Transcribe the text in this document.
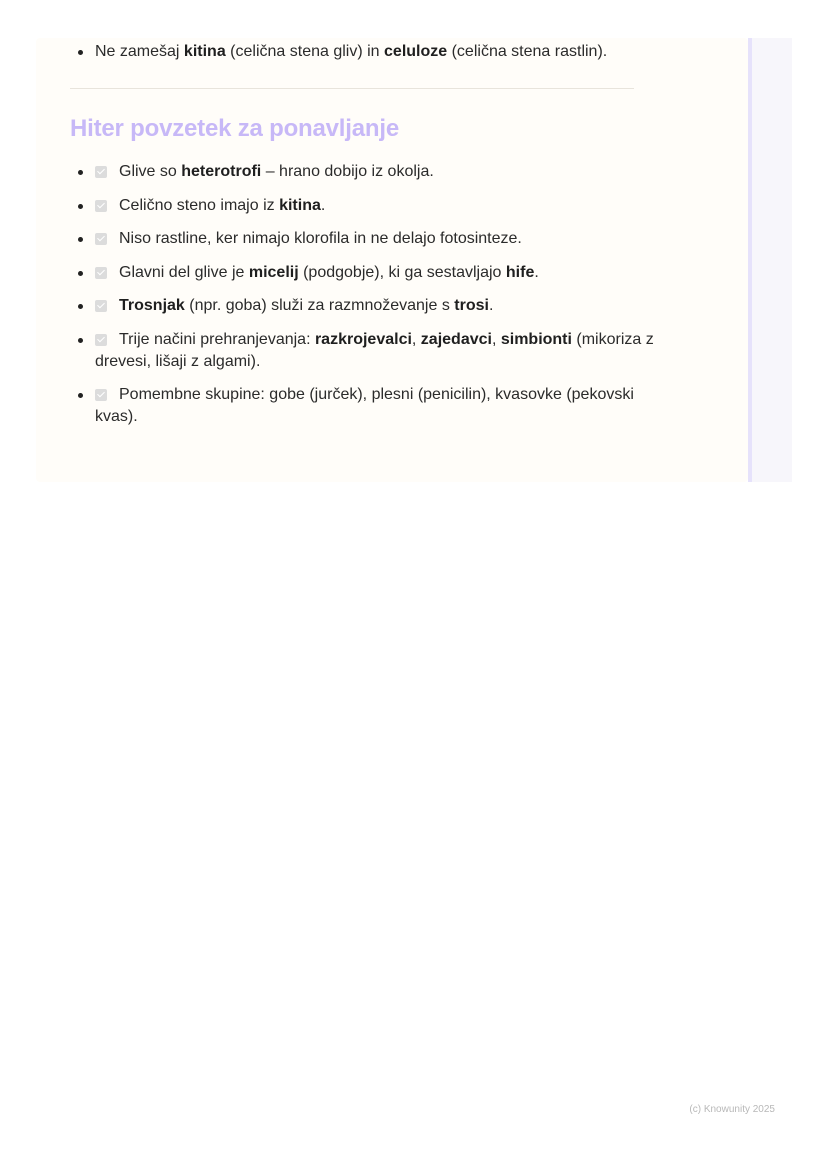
Ne zamešaj kitina (celična stena gliv) in celuloze (celična stena rastlin).
Hiter povzetek za ponavljanje
Glive so heterotrofi – hrano dobijo iz okolja.
Celično steno imajo iz kitina.
Niso rastline, ker nimajo klorofila in ne delajo fotosinteze.
Glavni del glive je micelij (podgobje), ki ga sestavljajo hife.
Trosnjak (npr. goba) služi za razmnoževanje s trosi.
Trije načini prehranjevanja: razkrojevalci, zajedavci, simbionti (mikoriza z drevesi, lišaji z algami).
Pomembne skupine: gobe (jurček), plesni (penicilin), kvasovke (pekovski kvas).
(c) Knowunity 2025
